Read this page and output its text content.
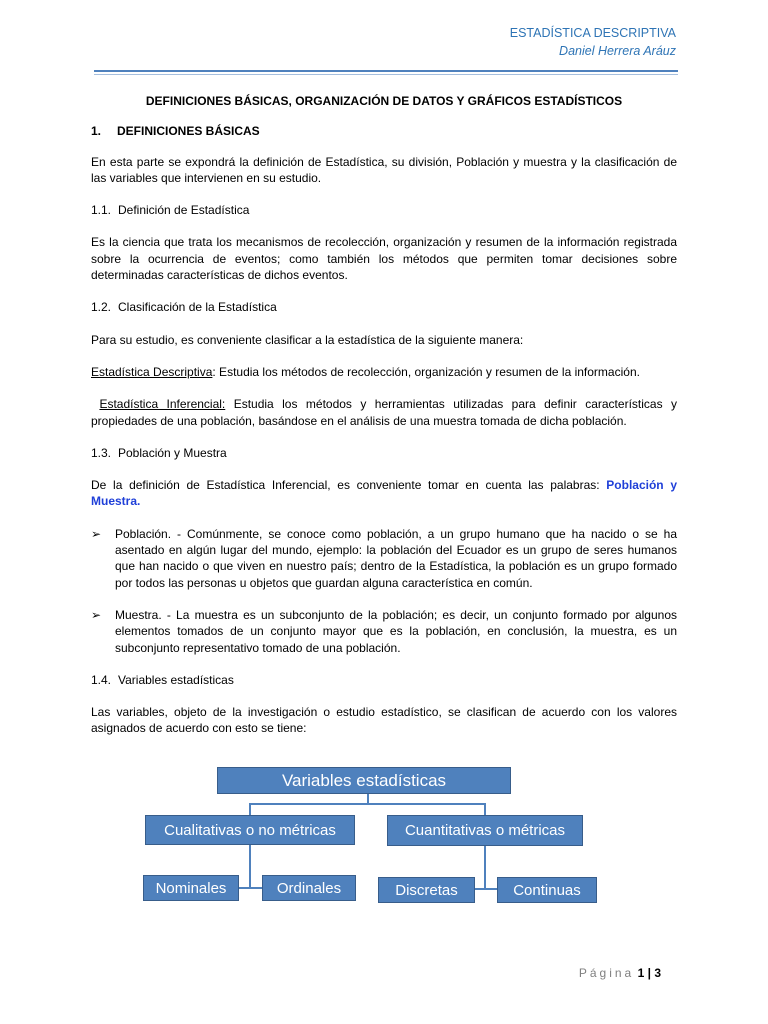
ESTADÍSTICA DESCRIPTIVA
Daniel Herrera Aráuz
DEFINICIONES BÁSICAS, ORGANIZACIÓN DE DATOS Y GRÁFICOS ESTADÍSTICOS
1. DEFINICIONES BÁSICAS

En esta parte se expondrá la definición de Estadística, su división, Población y muestra y la clasificación de las variables que intervienen en su estudio.

1.1. Definición de Estadística

Es la ciencia que trata los mecanismos de recolección, organización y resumen de la información registrada sobre la ocurrencia de eventos; como también los métodos que permiten tomar decisiones sobre determinadas características de dichos eventos.

1.2. Clasificación de la Estadística

Para su estudio, es conveniente clasificar a la estadística de la siguiente manera:

Estadística Descriptiva: Estudia los métodos de recolección, organización y resumen de la información.

Estadística Inferencial: Estudia los métodos y herramientas utilizadas para definir características y propiedades de una población, basándose en el análisis de una muestra tomada de dicha población.

1.3. Población y Muestra

De la definición de Estadística Inferencial, es conveniente tomar en cuenta las palabras: Población y Muestra.

➢	Población. - Comúnmente, se conoce como población, a un grupo humano que ha nacido o se ha asentado en algún lugar del mundo, ejemplo: la población del Ecuador es un grupo de seres humanos que han nacido o que viven en nuestro país; dentro de la Estadística, la población es un grupo formado por todos las personas u objetos que guardan alguna característica en común.
➢	Muestra. - La muestra es un subconjunto de la población; es decir, un conjunto formado por algunos elementos tomados de un conjunto mayor que es la población, en conclusión, la muestra, es un subconjunto representativo tomado de una población.
1.4. Variables estadísticas

Las variables, objeto de la investigación o estudio estadístico, se clasifican de acuerdo con los valores asignados de acuerdo con esto se tiene:

Variables estadísticas
Cualitativas o no métricas	Cuantitativas o métricas
Nominales	Ordinales	Discretas	Continuas
Página 1 | 3
